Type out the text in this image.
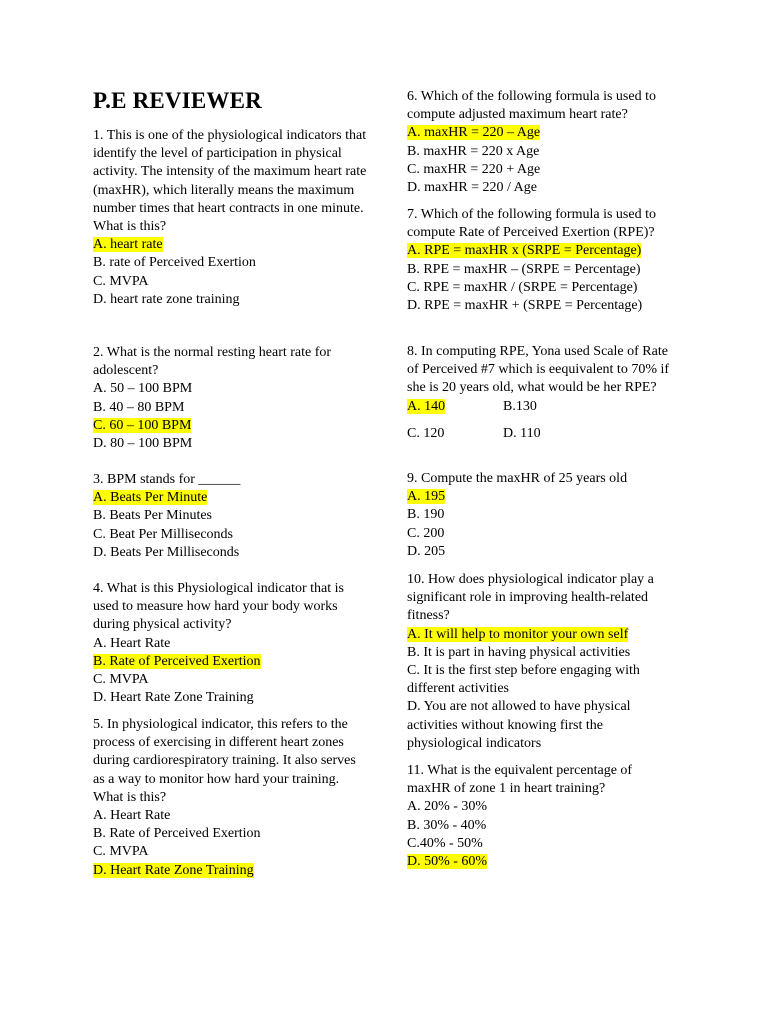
P.E REVIEWER
1. This is one of the physiological indicators that identify the level of participation in physical activity. The intensity of the maximum heart rate (maxHR), which literally means the maximum number times that heart contracts in one minute. What is this?
A. heart rate
B. rate of Perceived Exertion
C. MVPA
D. heart rate zone training
2. What is the normal resting heart rate for adolescent?
A. 50 – 100 BPM
B. 40 – 80 BPM
C. 60 – 100 BPM
D. 80 – 100 BPM
3. BPM stands for ______
A. Beats Per Minute
B. Beats Per Minutes
C. Beat Per Milliseconds
D. Beats Per Milliseconds
4. What is this Physiological indicator that is used to measure how hard your body works during physical activity?
A. Heart Rate
B. Rate of Perceived Exertion
C. MVPA
D. Heart Rate Zone Training
5. In physiological indicator, this refers to the process of exercising in different heart zones during cardiorespiratory training. It also serves as a way to monitor how hard your training. What is this?
A. Heart Rate
B. Rate of Perceived Exertion
C. MVPA
D. Heart Rate Zone Training
6. Which of the following formula is used to compute adjusted maximum heart rate?
A. maxHR = 220 – Age
B. maxHR = 220 x Age
C. maxHR = 220 + Age
D. maxHR = 220 / Age
7. Which of the following formula is used to compute Rate of Perceived Exertion (RPE)?
A. RPE = maxHR x (SRPE = Percentage)
B. RPE = maxHR – (SRPE = Percentage)
C. RPE = maxHR / (SRPE = Percentage)
D. RPE = maxHR + (SRPE = Percentage)
8. In computing RPE, Yona used Scale of Rate of Perceived #7 which is eequivalent to 70% if she is 20 years old, what would be her RPE?
A. 140	B.130
C. 120	D. 110
9. Compute the maxHR of 25 years old
A. 195
B. 190
C. 200
D. 205
10. How does physiological indicator play a significant role in improving health-related fitness?
A. It will help to monitor your own self
B. It is part in having physical activities
C. It is the first step before engaging with different activities
D. You are not allowed to have physical activities without knowing first the physiological indicators
11. What is the equivalent percentage of maxHR of zone 1 in heart training?
A. 20% - 30%
B. 30% - 40%
C.40% - 50%
D. 50% - 60%
